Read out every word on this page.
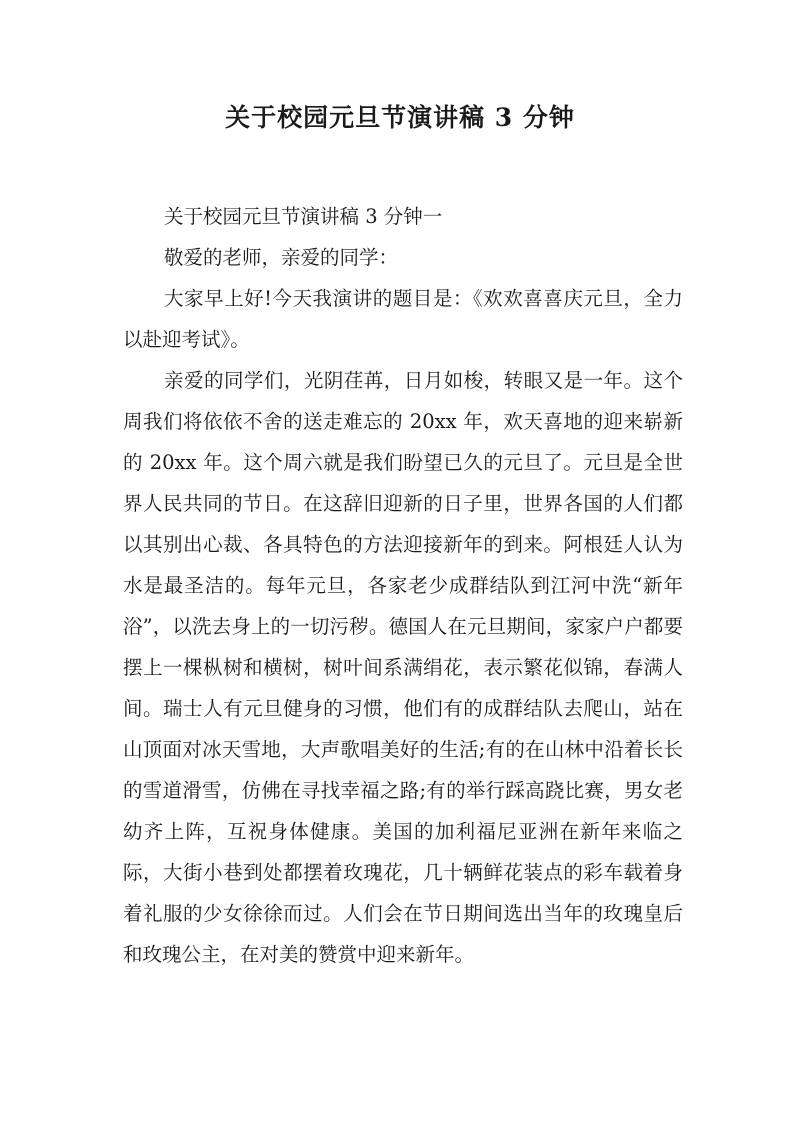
关于校园元旦节演讲稿 3 分钟

关于校园元旦节演讲稿 3 分钟一

敬爱的老师，亲爱的同学：

大家早上好!今天我演讲的题目是：《欢欢喜喜庆元旦，全力以赴迎考试》。

亲爱的同学们，光阴荏苒，日月如梭，转眼又是一年。这个周我们将依依不舍的送走难忘的 20xx 年，欢天喜地的迎来崭新的 20xx 年。这个周六就是我们盼望已久的元旦了。元旦是全世界人民共同的节日。在这辞旧迎新的日子里，世界各国的人们都以其别出心裁、各具特色的方法迎接新年的到来。阿根廷人认为水是最圣洁的。每年元旦，各家老少成群结队到江河中洗“新年浴”，以洗去身上的一切污秽。德国人在元旦期间，家家户户都要摆上一棵枞树和横树，树叶间系满绢花，表示繁花似锦，春满人间。瑞士人有元旦健身的习惯，他们有的成群结队去爬山，站在山顶面对冰天雪地，大声歌唱美好的生活;有的在山林中沿着长长的雪道滑雪，仿佛在寻找幸福之路;有的举行踩高跷比赛，男女老幼齐上阵，互祝身体健康。美国的加利福尼亚洲在新年来临之际，大街小巷到处都摆着玫瑰花，几十辆鲜花装点的彩车载着身着礼服的少女徐徐而过。人们会在节日期间选出当年的玫瑰皇后和玫瑰公主，在对美的赞赏中迎来新年。
